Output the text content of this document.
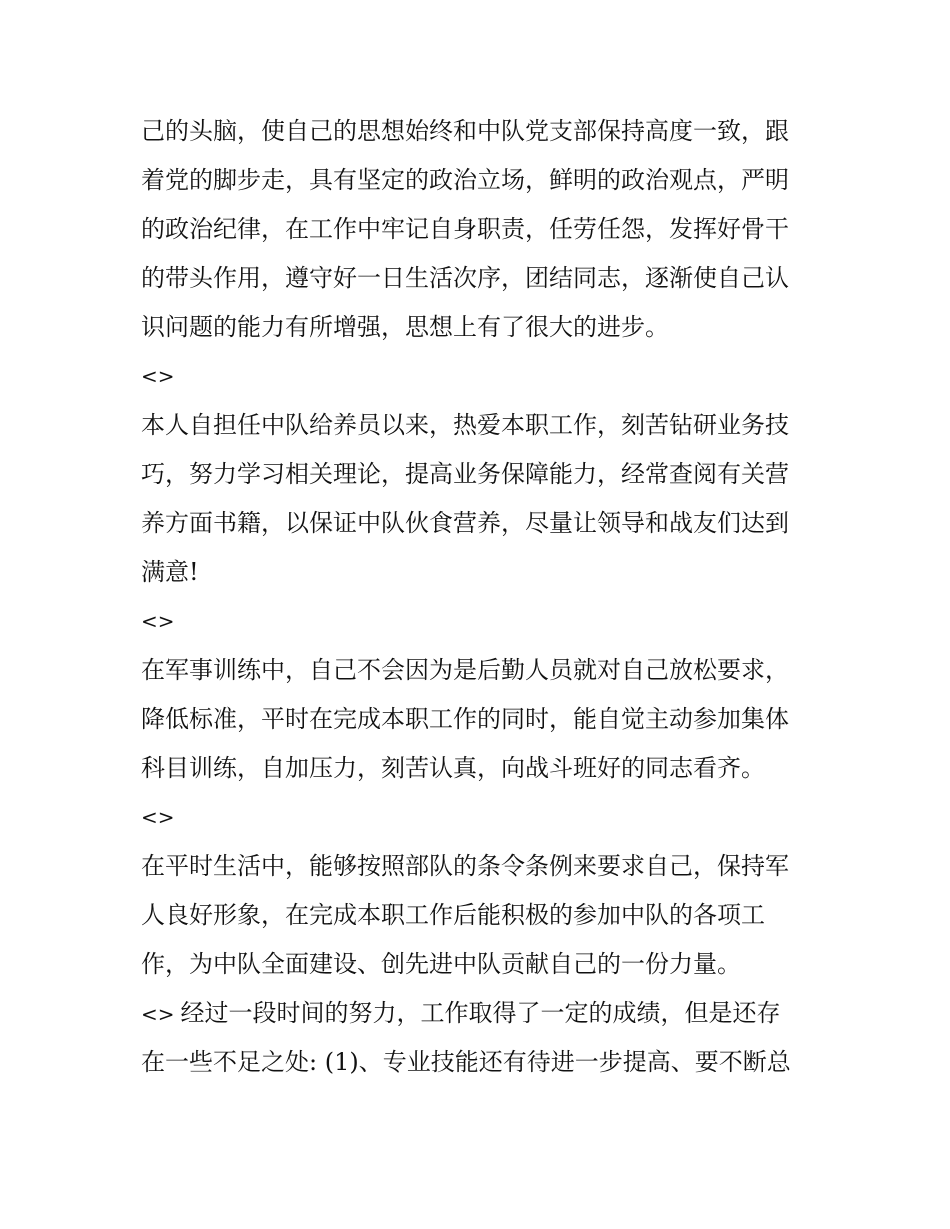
己的头脑，使自己的思想始终和中队党支部保持高度一致，跟
着党的脚步走，具有坚定的政治立场，鲜明的政治观点，严明
的政治纪律，在工作中牢记自身职责，任劳任怨，发挥好骨干
的带头作用，遵守好一日生活次序，团结同志，逐渐使自己认
识问题的能力有所增强，思想上有了很大的进步。
<>
本人自担任中队给养员以来，热爱本职工作，刻苦钻研业务技
巧，努力学习相关理论，提高业务保障能力，经常查阅有关营
养方面书籍，以保证中队伙食营养，尽量让领导和战友们达到
满意!
<>
在军事训练中，自己不会因为是后勤人员就对自己放松要求，
降低标准，平时在完成本职工作的同时，能自觉主动参加集体
科目训练，自加压力，刻苦认真，向战斗班好的同志看齐。
<>
在平时生活中，能够按照部队的条令条例来要求自己，保持军
人良好形象，在完成本职工作后能积极的参加中队的各项工
作，为中队全面建设、创先进中队贡献自己的一份力量。
<> 经过一段时间的努力，工作取得了一定的成绩，但是还存
在一些不足之处: (1)、专业技能还有待进一步提高、要不断总
